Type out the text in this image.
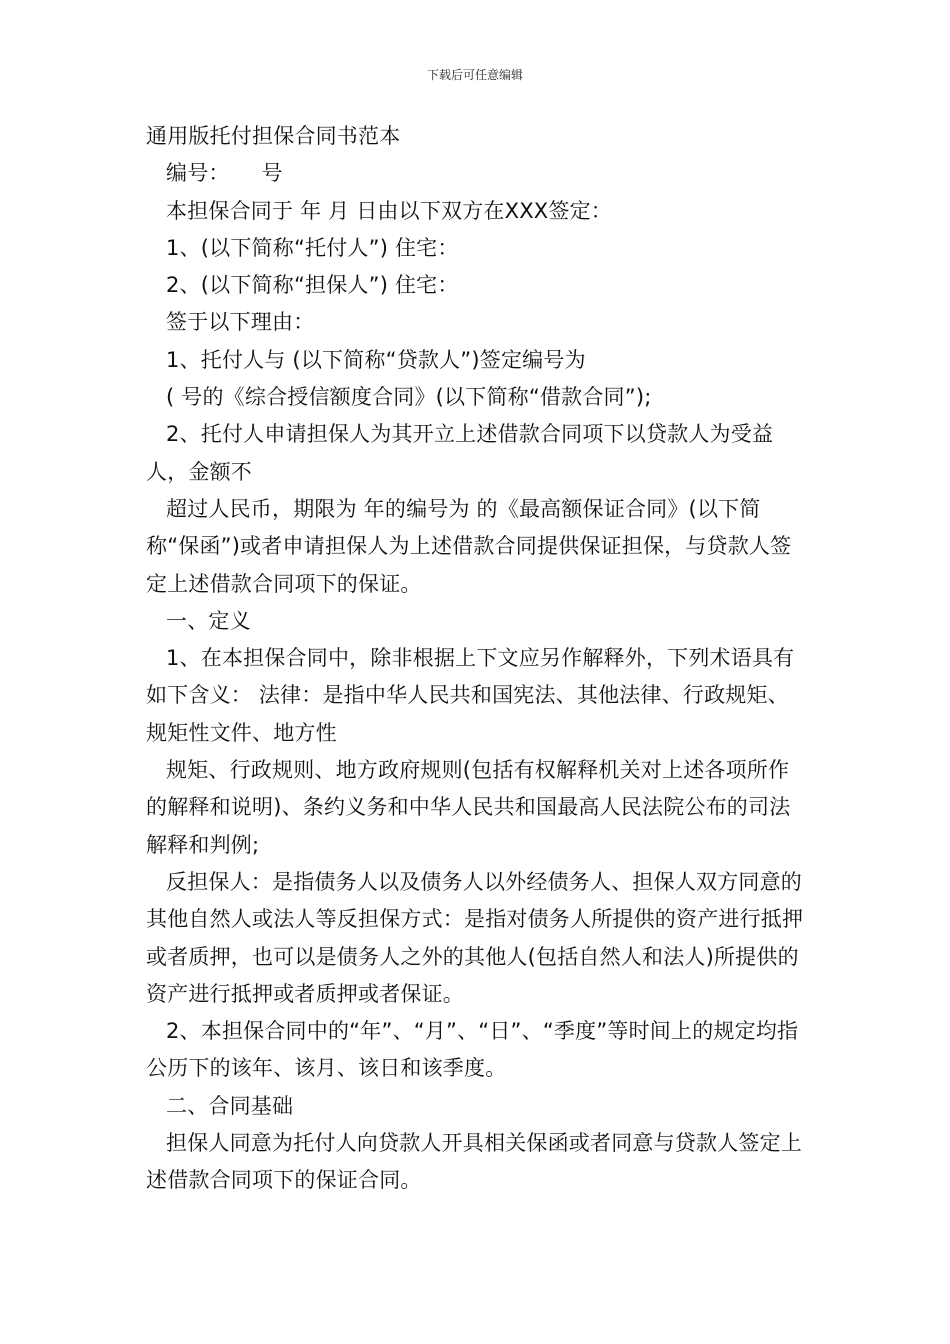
下载后可任意编辑

通用版托付担保合同书范本

编号：　　号

本担保合同于 年 月 日由以下双方在XXX签定：

1、(以下简称“托付人”) 住宅：

2、(以下简称“担保人”) 住宅：

签于以下理由：

1、托付人与 (以下简称“贷款人”)签定编号为

( 号的《综合授信额度合同》(以下简称“借款合同”);

2、托付人申请担保人为其开立上述借款合同项下以贷款人为受益人，金额不

超过人民币，期限为 年的编号为 的《最高额保证合同》(以下简称“保函”)或者申请担保人为上述借款合同提供保证担保，与贷款人签定上述借款合同项下的保证。

一、定义

1、在本担保合同中，除非根据上下文应另作解释外，下列术语具有如下含义： 法律：是指中华人民共和国宪法、其他法律、行政规矩、规矩性文件、地方性

规矩、行政规则、地方政府规则(包括有权解释机关对上述各项所作的解释和说明)、条约义务和中华人民共和国最高人民法院公布的司法解释和判例;

反担保人：是指债务人以及债务人以外经债务人、担保人双方同意的其他自然人或法人等反担保方式：是指对债务人所提供的资产进行抵押或者质押，也可以是债务人之外的其他人(包括自然人和法人)所提供的资产进行抵押或者质押或者保证。

2、本担保合同中的“年”、“月”、“日”、“季度”等时间上的规定均指公历下的该年、该月、该日和该季度。

二、合同基础

担保人同意为托付人向贷款人开具相关保函或者同意与贷款人签定上述借款合同项下的保证合同。
